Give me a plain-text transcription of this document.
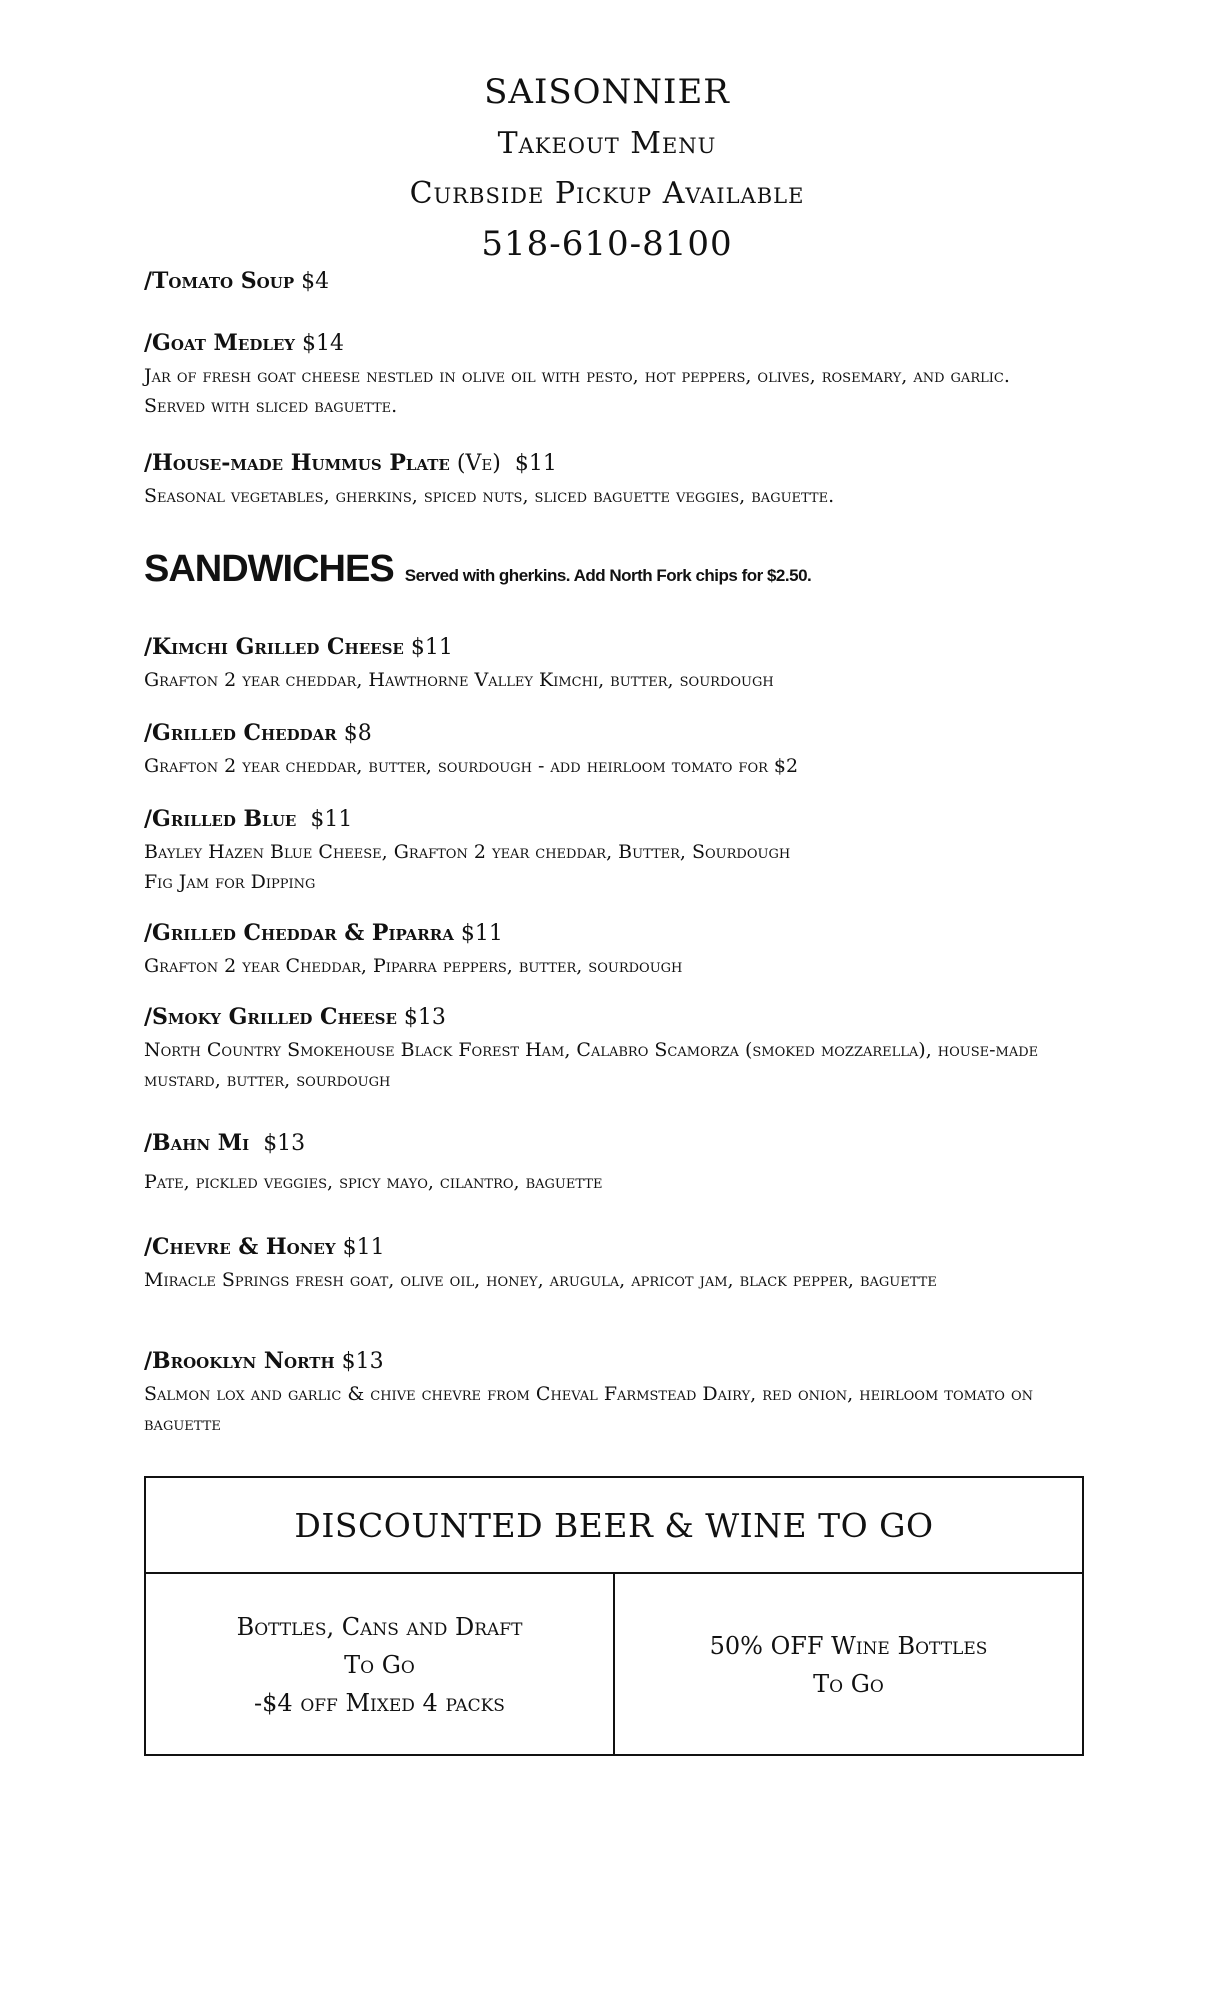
SAISONNIER
Takeout Menu
Curbside Pickup Available
518-610-8100
/Tomato Soup $4
/Goat Medley $14
Jar of fresh goat cheese nestled in olive oil with pesto, hot peppers, olives, rosemary, and garlic. Served with sliced baguette.
/House-made Hummus Plate (Ve) $11
Seasonal vegetables, gherkins, spiced nuts, sliced baguette veggies, baguette.
SANDWICHES Served with gherkins. Add North Fork chips for $2.50.
/Kimchi Grilled Cheese $11
Grafton 2 year cheddar, Hawthorne Valley Kimchi, butter, sourdough
/Grilled Cheddar $8
Grafton 2 year cheddar, butter, sourdough - add heirloom tomato for $2
/Grilled Blue $11
Bayley Hazen Blue Cheese, Grafton 2 year cheddar, Butter, Sourdough
Fig Jam for Dipping
/Grilled Cheddar & Piparra $11
Grafton 2 year Cheddar, Piparra peppers, butter, sourdough
/Smoky Grilled Cheese $13
North Country Smokehouse Black Forest Ham, Calabro Scamorza (smoked mozzarella), house-made mustard, butter, sourdough
/Bahn Mi $13
Pate, pickled veggies, spicy mayo, cilantro, baguette
/Chevre & Honey $11
Miracle Springs fresh goat, olive oil, honey, arugula, apricot jam, black pepper, baguette
/Brooklyn North $13
Salmon lox and garlic & chive chevre from Cheval Farmstead Dairy, red onion, heirloom tomato on baguette
DISCOUNTED BEER & WINE TO GO
Bottles, Cans and Draft
To Go
-$4 off Mixed 4 packs
50% OFF Wine Bottles
To Go
